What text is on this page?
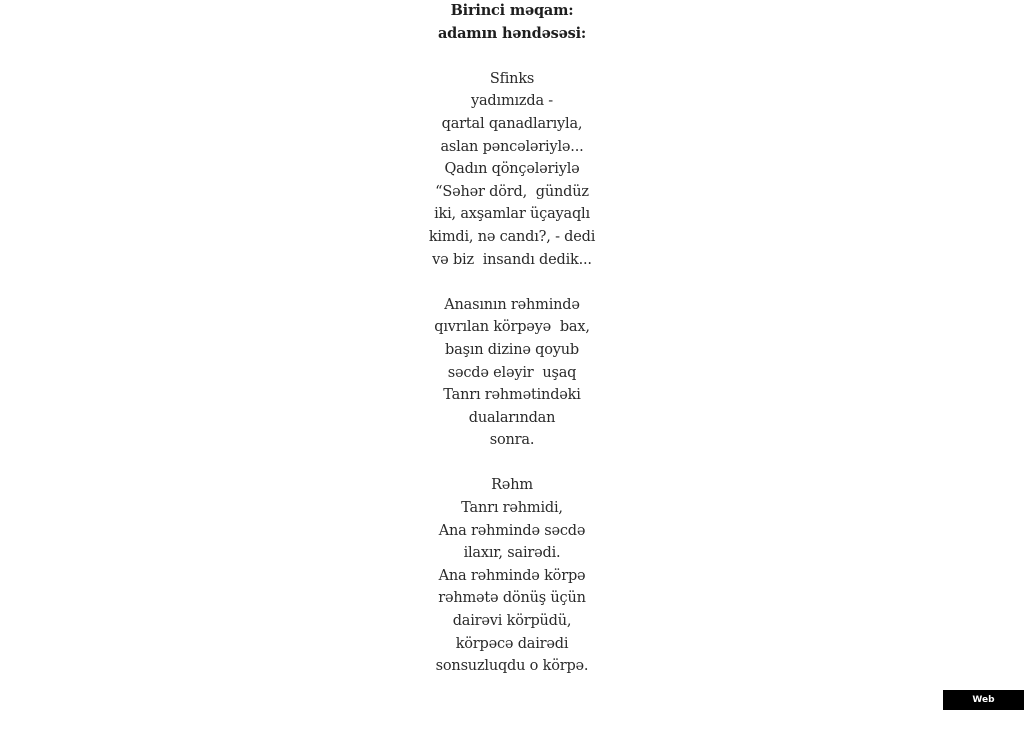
Birinci məqam:
adamın həndəsəsi:
Sfinks
yadımızda -
qartal qanadlarıyla,
aslan pəncələriylə...
Qadın qönçələriylə
“Səhər dörd,  gündüz
iki, axşamlar üçayaqlı
kimdi, nə candı?, - dedi
və biz  insandı dedik...
Anasının rəhmində
qıvrılan körpəyə  bax,
başın dizinə qoyub
səcdə eləyir  uşaq
Tanrı rəhmətindəki
dualarından
sonra.
Rəhm
Tanrı rəhmidi,
Ana rəhmində səcdə
ilaxır, sairədi.
Ana rəhmində körpə
rəhmətə dönüş üçün
dairəvi körpüdü,
körpəcə dairədi
sonsuzluqdu o körpə.
Web Screenshot
